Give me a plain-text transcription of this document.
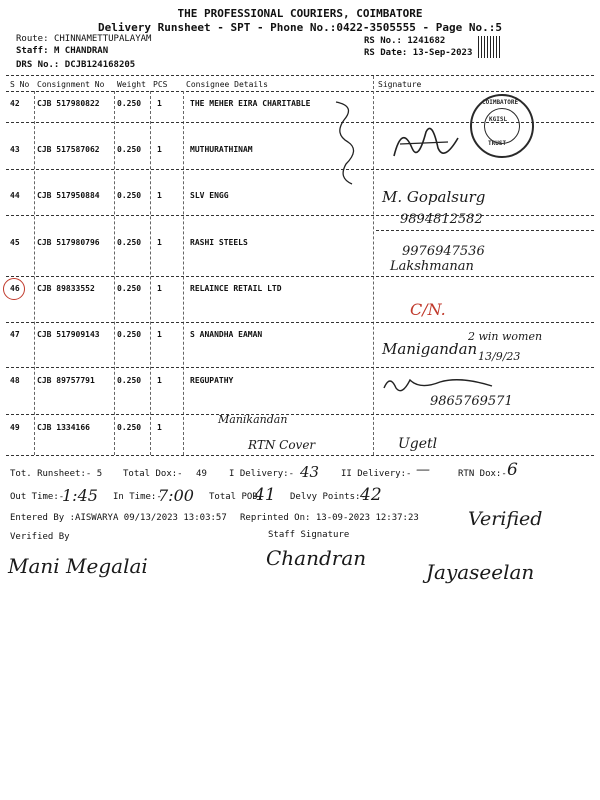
THE PROFESSIONAL COURIERS, COIMBATORE
Delivery Runsheet - SPT - Phone No.:0422-3505555 - Page No.:5
Route: CHINNAMETTUPALAYAM
Staff: M CHANDRAN
DRS No.: DCJB124168205
RS No.: 1241682
RS Date: 13-Sep-2023
S No Consignment No Weight PCS Consignee Details	Signature
42 CJB 517980822 0.250 1	THE MEHER EIRA CHARITABLE
43 CJB 517587062 0.250 1	MUTHURATHINAM
44 CJB 517950884 0.250 1	SLV ENGG
45 CJB 517980796 0.250 1	RASHI STEELS
46 CJB 89833552	0.250 1	RELAINCE RETAIL LTD
47 CJB 517909143 0.250 1	S ANANDHA EAMAN
48 CJB 89757791	0.250 1	REGUPATHY
49 CJB 1334166	0.250 1
COIMBATORE
KGISL
TRUST
M. Gopalsurg
9894812582
9976947536
Lakshmanan
C/N.
2 win women
Manigandan 13/9/23
9865769571
Manikandan
RTN Cover	Ugetl
Tot. Runsheet:- 5 Total Dox:- 49 I Delivery:- 43 II Delivery:- —	RTN Dox:- 6
Out Time:-
1:45 In Time:-
7:00 Total POD:
41 Delvy Points:-
42
Entered By :AISWARYA 09/13/2023 13:03:57 Reprinted On: 13-09-2023 12:37:23	Verified
Verified By	Staff Signature
Mani Megalai	Chandran
Jayaseelan
